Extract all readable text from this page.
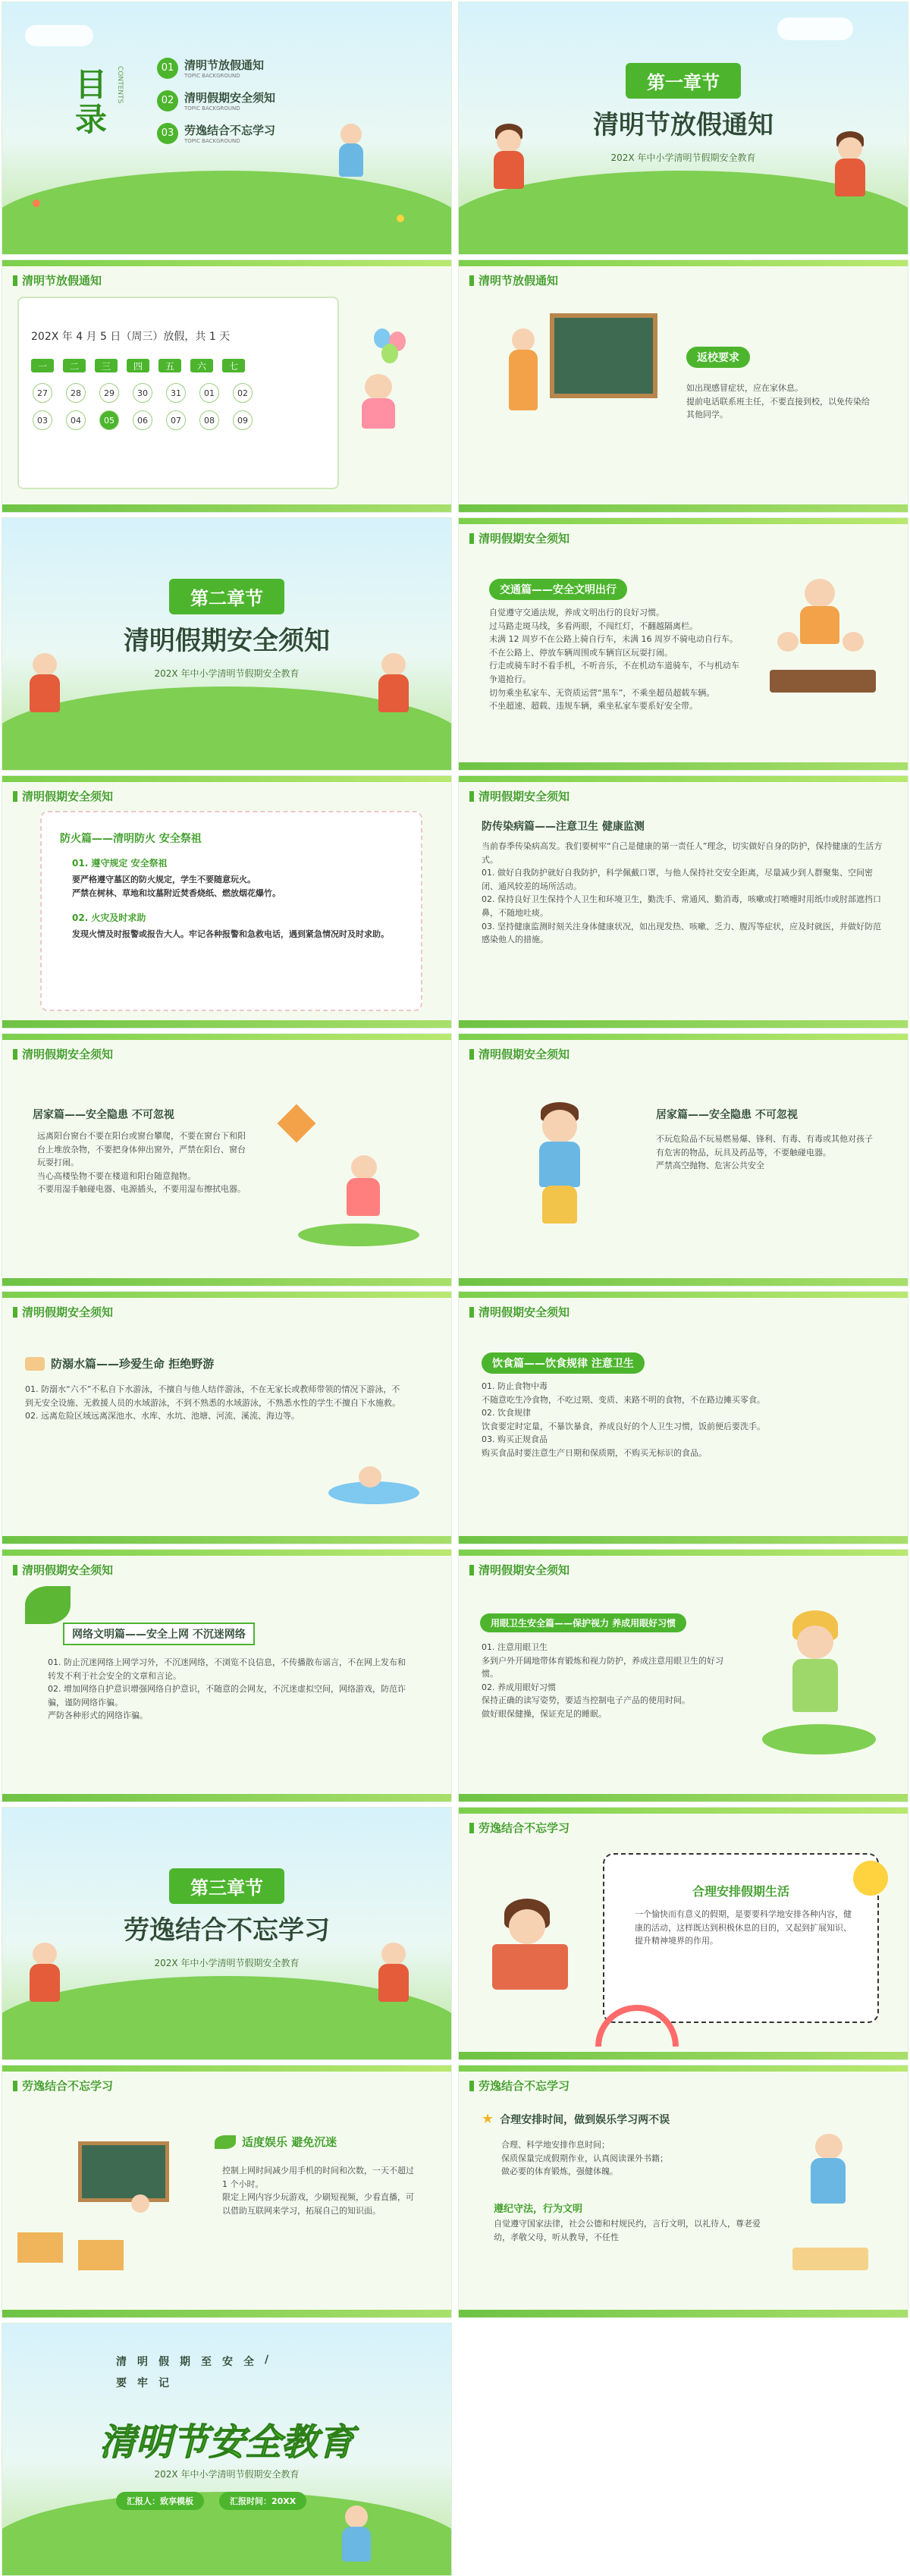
目录
CONTENTS	01 清明节放假通知
TOPIC BACKGROUND
02 清明假期安全须知
TOPIC BACKGROUND
03 劳逸结合不忘学习
TOPIC BACKGROUND
第一章节
清明节放假通知
202X 年中小学清明节假期安全教育
清明节放假通知
202X 年 4 月 5 日（周三）放假，共 1 天
一	二	三	四	五	六	七
27	28	29	30	31	01	02
03	04	05	06	07	08	09
清明节放假通知
返校要求
如出现感冒症状，应在家休息。
提前电话联系班主任，不要直接到校，以免传染给其他同学。
第二章节
清明假期安全须知
202X 年中小学清明节假期安全教育
清明假期安全须知
交通篇——安全文明出行
自觉遵守交通法规，养成文明出行的良好习惯。
过马路走斑马线，多看两眼，不闯红灯，不翻越隔离栏。
未满 12 周岁不在公路上骑自行车，未满 16 周岁不骑电动自行车。
不在公路上、停放车辆周围或车辆盲区玩耍打闹。
行走或骑车时不看手机，不听音乐，不在机动车道骑车，不与机动车争道抢行。
切勿乘坐私家车、无资质运营“黑车”，不乘坐超员超载车辆。
不坐超速、超载、违规车辆，乘坐私家车要系好安全带。
清明假期安全须知
防火篇——清明防火 安全祭祖
01. 遵守规定 安全祭祖
要严格遵守墓区的防火规定，学生不要随意玩火。
严禁在树林、草地和坟墓附近焚香烧纸、燃放烟花爆竹。
02. 火灾及时求助
发现火情及时报警或报告大人。牢记各种报警和急救电话，遇到紧急情况时及时求助。
清明假期安全须知
防传染病篇——注意卫生 健康监测
当前春季传染病高发。我们要树牢“自己是健康的第一责任人”理念，切实做好自身的防护，保持健康的生活方式。
01. 做好自我防护就好自我防护，科学佩戴口罩，与他人保持社交安全距离，尽量减少到人群聚集、空间密闭、通风较差的场所活动。
02. 保持良好卫生保持个人卫生和环境卫生，勤洗手、常通风、勤消毒，咳嗽或打喷嚏时用纸巾或肘部遮挡口鼻，不随地吐痰。
03. 坚持健康监测时刻关注身体健康状况，如出现发热、咳嗽、乏力、腹泻等症状，应及时就医，并做好防范感染他人的措施。
清明假期安全须知
居家篇——安全隐患 不可忽视
远离阳台窗台不要在阳台或窗台攀爬，不要在窗台下和阳台上堆放杂物，不要把身体伸出窗外，严禁在阳台、窗台玩耍打闹。
当心高楼坠物不要在楼道和阳台随意抛物。
不要用湿手触碰电器、电源插头，不要用湿布擦拭电器。
清明假期安全须知
居家篇——安全隐患 不可忽视
不玩危险品不玩易燃易爆、锋利、有毒、有毒或其他对孩子有危害的物品，玩具及药品等，不要触碰电器。
严禁高空抛物、危害公共安全
清明假期安全须知
防溺水篇——珍爱生命 拒绝野游
01. 防溺水“六不”不私自下水游泳，不擅自与他人结伴游泳，不在无家长或教师带领的情况下游泳，不到无安全设施、无救援人员的水域游泳，不到不熟悉的水域游泳，不熟悉水性的学生不擅自下水施救。
02. 远离危险区域远离深池水、水库、水坑、池塘、河流、溪流、海边等。
清明假期安全须知
饮食篇——饮食规律 注意卫生
01. 防止食物中毒
不随意吃生冷食物，不吃过期、变质、来路不明的食物，不在路边摊买零食。
02. 饮食规律
饮食要定时定量，不暴饮暴食，养成良好的个人卫生习惯，饭前便后要洗手。
03. 购买正规食品
购买食品时要注意生产日期和保质期，不购买无标识的食品。
清明假期安全须知
网络文明篇——安全上网 不沉迷网络
01. 防止沉迷网络上网学习外，不沉迷网络，不浏览不良信息，不传播散布谣言，不在网上发布和转发不利于社会安全的文章和言论。
02. 增加网络自护意识增强网络自护意识，不随意的会网友，不沉迷虚拟空间，网络游戏，防范诈骗，谨防网络诈骗。
严防各种形式的网络诈骗。
清明假期安全须知
用眼卫生安全篇——保护视力 养成用眼好习惯
01. 注意用眼卫生
多到户外开阔地带体育锻炼和视力防护，养成注意用眼卫生的好习惯。
02. 养成用眼好习惯
保持正确的读写姿势，要适当控制电子产品的使用时间。
做好眼保健操，保证充足的睡眠。
第三章节
劳逸结合不忘学习
202X 年中小学清明节假期安全教育
劳逸结合不忘学习
合理安排假期生活
一个愉快而有意义的假期，是要要科学地安排各种内容，健康的活动，这样既达到积极休息的目的，又起到扩展知识、提升精神境界的作用。
劳逸结合不忘学习
适度娱乐 避免沉迷
控制上网时间减少用手机的时间和次数，一天不超过 1 个小时。
限定上网内容少玩游戏，少刷短视频，少看直播，可以借助互联网来学习，拓展自己的知识面。
劳逸结合不忘学习
★ 合理安排时间，做到娱乐学习两不误
合理、科学地安排作息时间；
保质保量完成假期作业，认真阅读课外书籍；
做必要的体育锻炼，强健体魄。
遵纪守法，行为文明
自觉遵守国家法律，社会公德和村规民约，言行文明，以礼待人，尊老爱幼，孝敬父母，听从教导，不任性
清 明 假 期 至 安 全 /
要 牢 记
清明节安全教育
202X 年中小学清明节假期安全教育
汇报人：致享模板	汇报时间：20XX
